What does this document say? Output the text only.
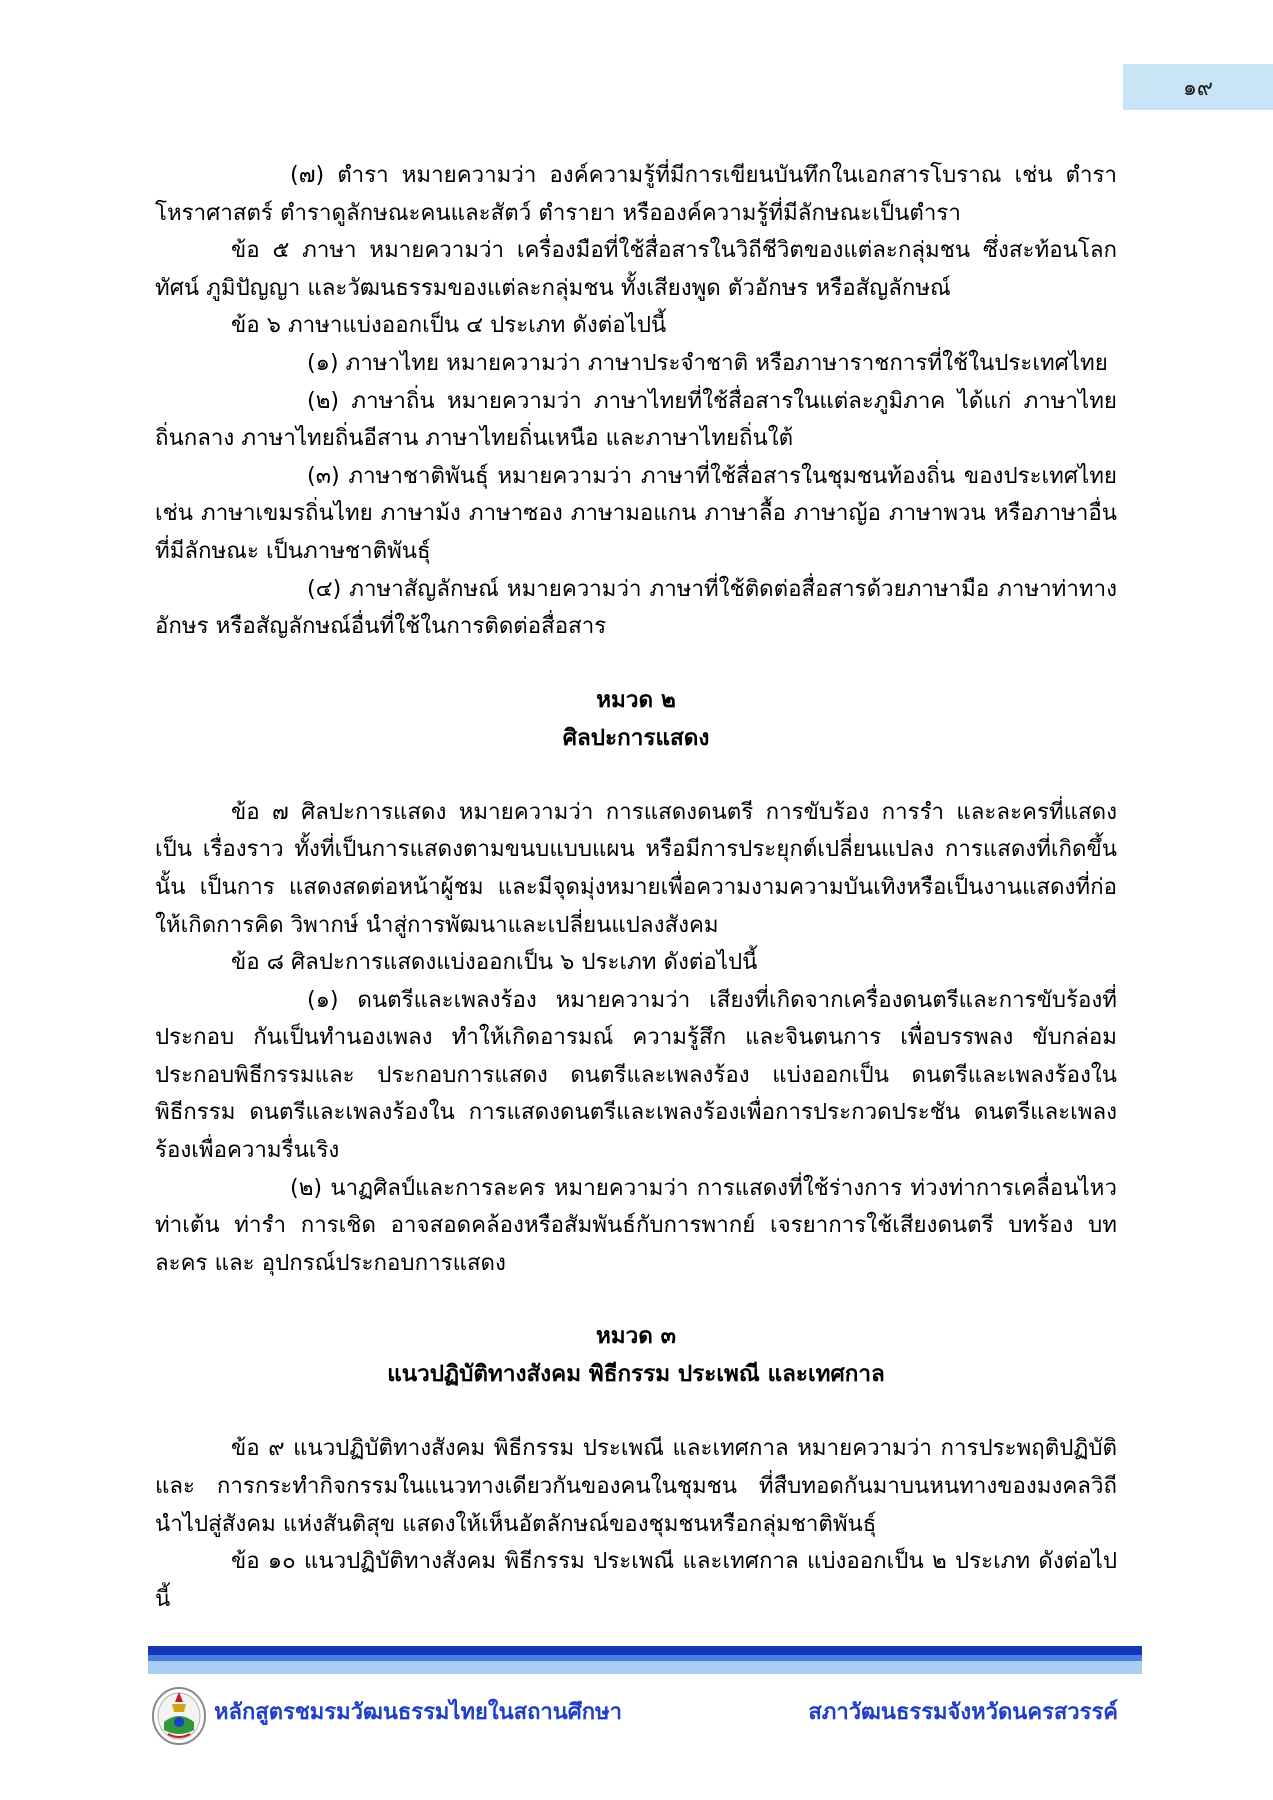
๑๙

(๗) ตำรา หมายความว่า องค์ความรู้ที่มีการเขียนบันทึกในเอกสารโบราณ เช่น ตำรา โหราศาสตร์ ตำราดูลักษณะคนและสัตว์ ตำรายา หรือองค์ความรู้ที่มีลักษณะเป็นตำรา

ข้อ ๕ ภาษา หมายความว่า เครื่องมือที่ใช้สื่อสารในวิถีชีวิตของแต่ละกลุ่มชน ซึ่งสะท้อนโลกทัศน์ ภูมิปัญญา และวัฒนธรรมของแต่ละกลุ่มชน ทั้งเสียงพูด ตัวอักษร หรือสัญลักษณ์

ข้อ ๖ ภาษาแบ่งออกเป็น ๔ ประเภท ดังต่อไปนี้

(๑) ภาษาไทย หมายความว่า ภาษาประจำชาติ หรือภาษาราชการที่ใช้ในประเทศไทย

(๒) ภาษาถิ่น หมายความว่า ภาษาไทยที่ใช้สื่อสารในแต่ละภูมิภาค ได้แก่ ภาษาไทยถิ่นกลาง ภาษาไทยถิ่นอีสาน ภาษาไทยถิ่นเหนือ และภาษาไทยถิ่นใต้

(๓) ภาษาชาติพันธุ์ หมายความว่า ภาษาที่ใช้สื่อสารในชุมชนท้องถิ่น ของประเทศไทย เช่น ภาษาเขมรถิ่นไทย ภาษาม้ง ภาษาซอง ภาษามอแกน ภาษาลื้อ ภาษาญ้อ ภาษาพวน หรือภาษาอื่นที่มีลักษณะ เป็นภาษชาติพันธุ์

(๔) ภาษาสัญลักษณ์ หมายความว่า ภาษาที่ใช้ติดต่อสื่อสารด้วยภาษามือ ภาษาท่าทาง อักษร หรือสัญลักษณ์อื่นที่ใช้ในการติดต่อสื่อสาร

หมวด ๒
ศิลปะการแสดง

ข้อ ๗ ศิลปะการแสดง หมายความว่า การแสดงดนตรี การขับร้อง การรำ และละครที่แสดงเป็น เรื่องราว ทั้งที่เป็นการแสดงตามขนบแบบแผน หรือมีการประยุกต์เปลี่ยนแปลง การแสดงที่เกิดขึ้นนั้น เป็นการ แสดงสดต่อหน้าผู้ชม และมีจุดมุ่งหมายเพื่อความงามความบันเทิงหรือเป็นงานแสดงที่ก่อให้เกิดการคิด วิพากษ์ นำสู่การพัฒนาและเปลี่ยนแปลงสังคม

ข้อ ๘ ศิลปะการแสดงแบ่งออกเป็น ๖ ประเภท ดังต่อไปนี้

(๑) ดนตรีและเพลงร้อง หมายความว่า เสียงที่เกิดจากเครื่องดนตรีและการขับร้องที่ประกอบ กันเป็นทำนองเพลง ทำให้เกิดอารมณ์ ความรู้สึก และจินตนการ เพื่อบรรพลง ขับกล่อม ประกอบพิธีกรรมและ ประกอบการแสดง ดนตรีและเพลงร้อง แบ่งออกเป็น ดนตรีและเพลงร้องในพิธีกรรม ดนตรีและเพลงร้องใน การแสดงดนตรีและเพลงร้องเพื่อการประกวดประชัน ดนตรีและเพลงร้องเพื่อความรื่นเริง

(๒) นาฏศิลป์และการละคร หมายความว่า การแสดงที่ใช้ร่างการ ท่วงท่าการเคลื่อนไหว ท่าเต้น ท่ารำ การเชิด อาจสอดคล้องหรือสัมพันธ์กับการพากย์ เจรยาการใช้เสียงดนตรี บทร้อง บทละคร และ อุปกรณ์ประกอบการแสดง

หมวด ๓
แนวปฏิบัติทางสังคม พิธีกรรม ประเพณี และเทศกาล

ข้อ ๙ แนวปฏิบัติทางสังคม พิธีกรรม ประเพณี และเทศกาล หมายความว่า การประพฤติปฏิบัติและ การกระทำกิจกรรมในแนวทางเดียวกันของคนในชุมชน ที่สืบทอดกันมาบนหนทางของมงคลวิถี นำไปสู่สังคม แห่งสันติสุข แสดงให้เห็นอัตลักษณ์ของชุมชนหรือกลุ่มชาติพันธุ์

ข้อ ๑๐ แนวปฏิบัติทางสังคม พิธีกรรม ประเพณี และเทศกาล แบ่งออกเป็น ๒ ประเภท ดังต่อไปนี้

หลักสูตรชมรมวัฒนธรรมไทยในสถานศึกษา	สภาวัฒนธรรมจังหวัดนครสวรรค์
